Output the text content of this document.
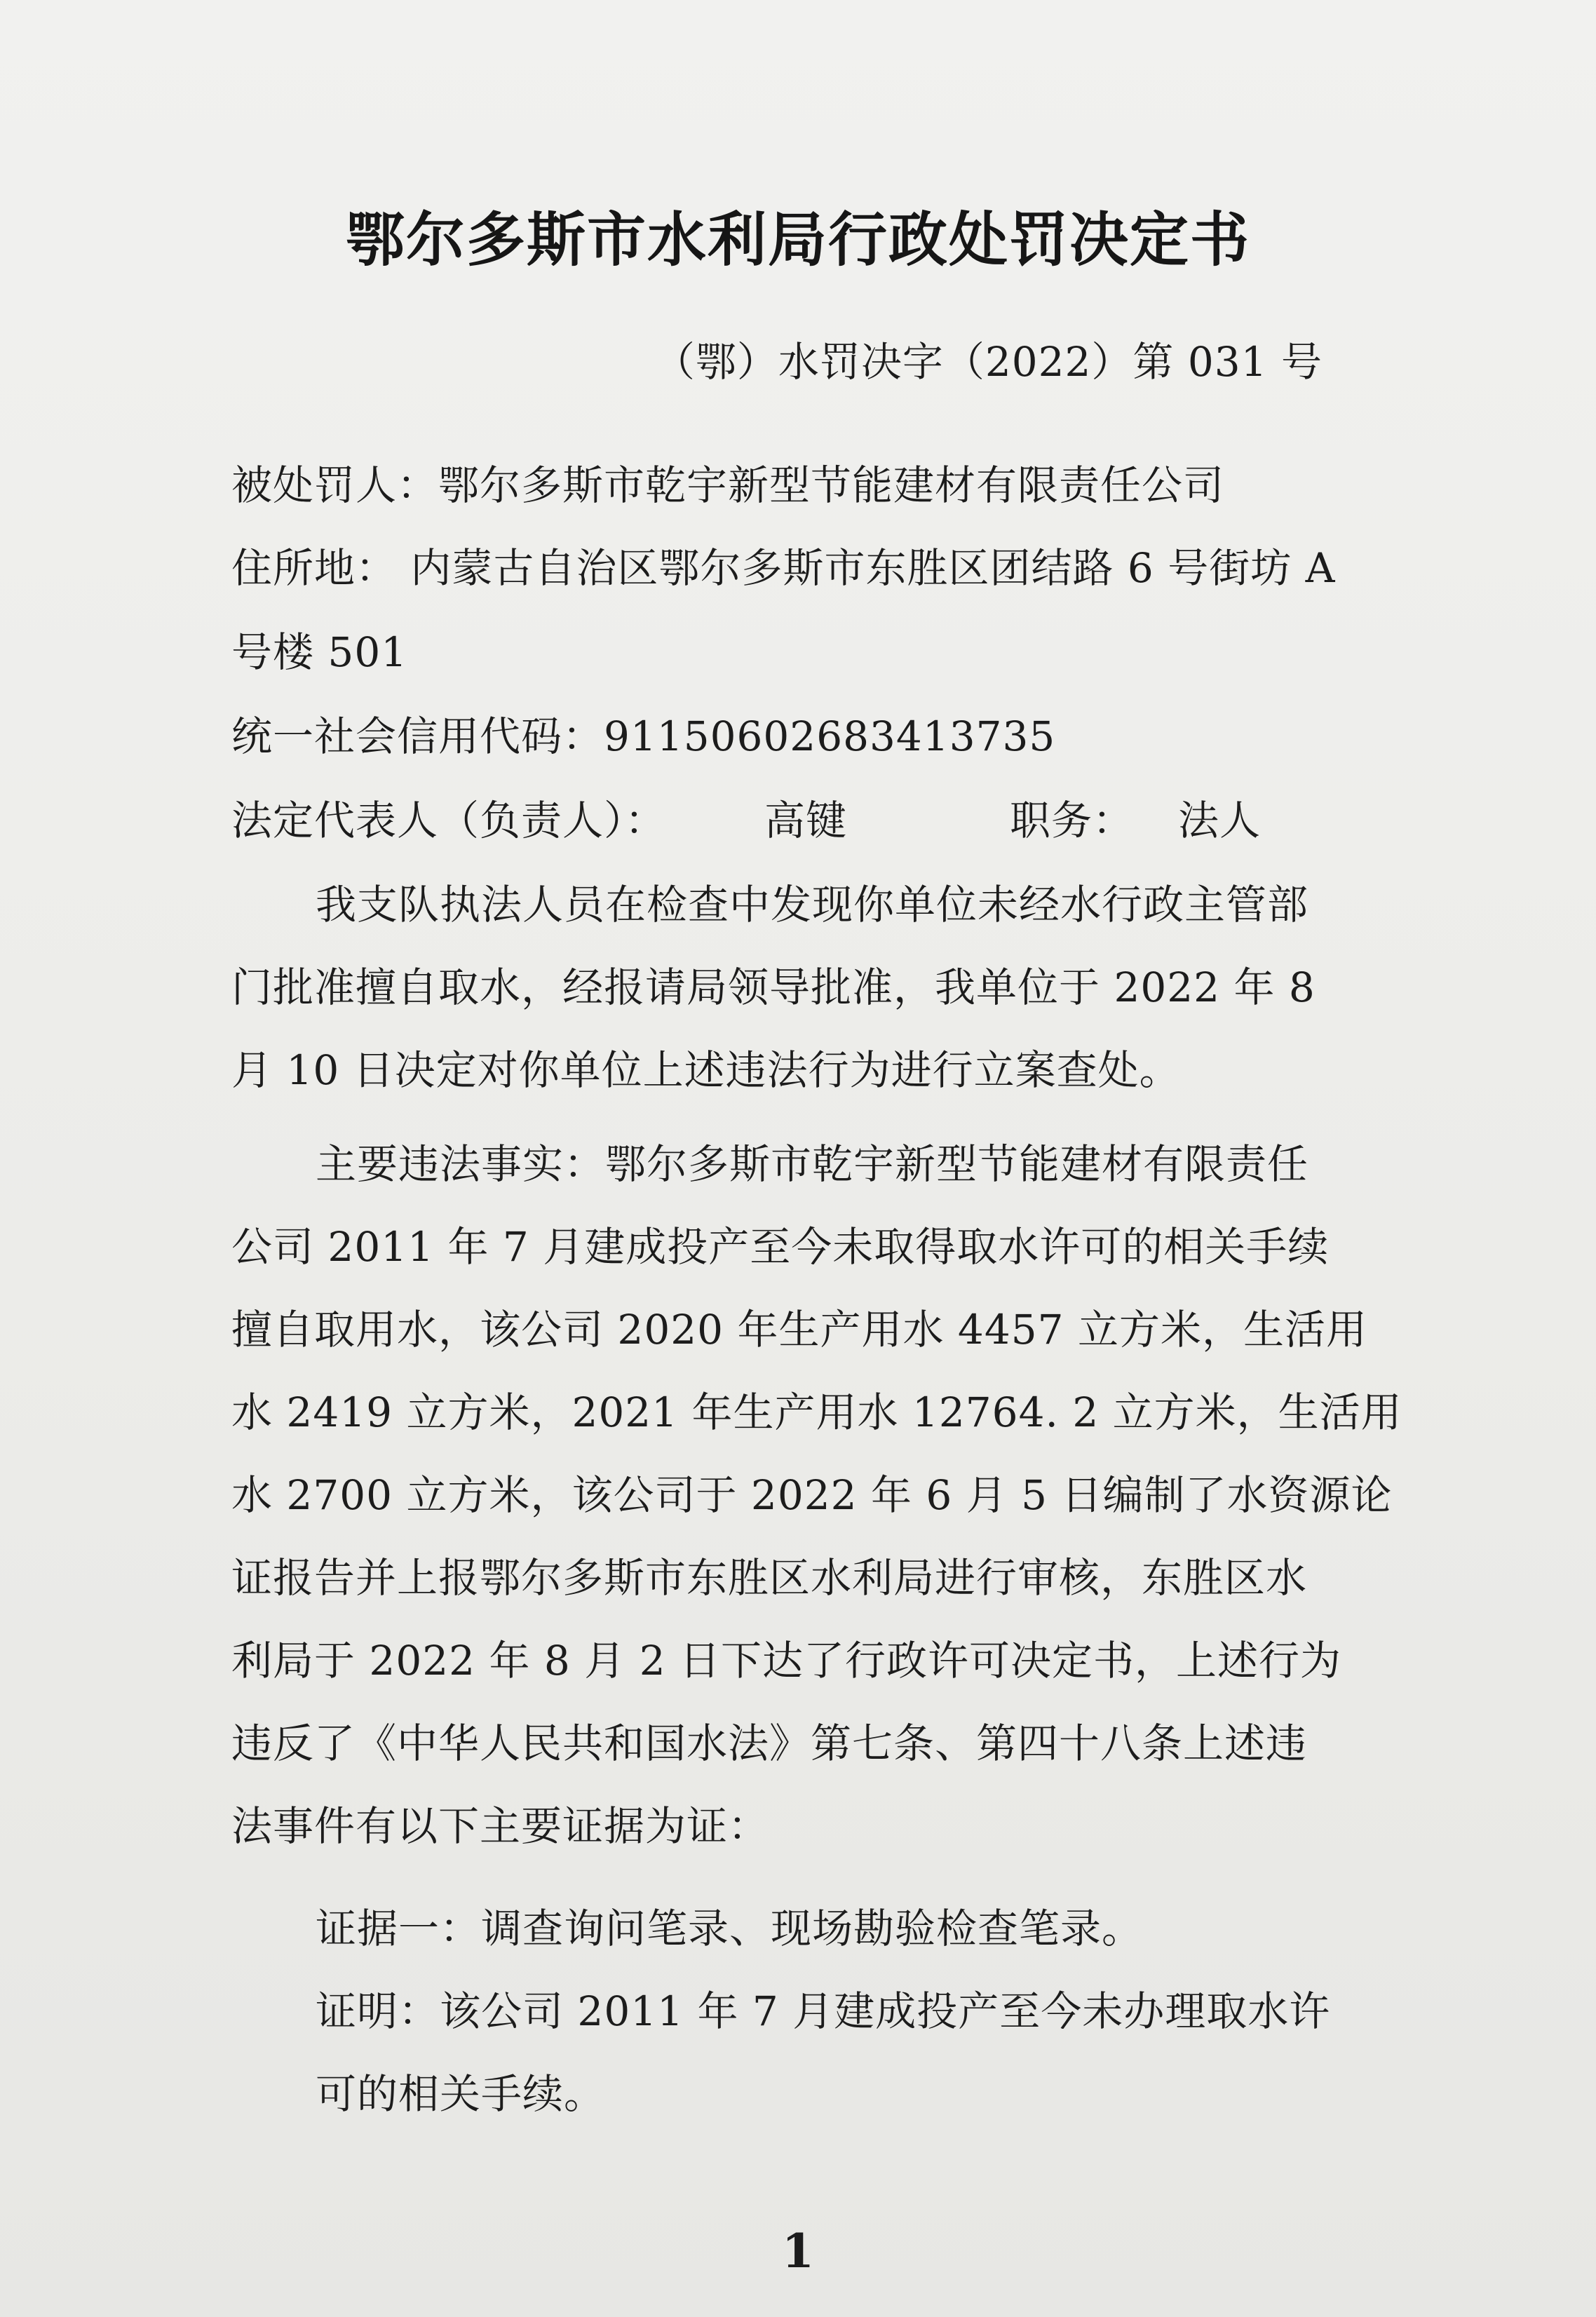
鄂尔多斯市水利局行政处罚决定书
（鄂）水罚决字（2022）第 031 号
被处罚人：鄂尔多斯市乾宇新型节能建材有限责任公司
住所地： 内蒙古自治区鄂尔多斯市东胜区团结路 6 号街坊 A
号楼 501
统一社会信用代码：91150602683413735
法定代表人（负责人）： 高键	职务： 法人
我支队执法人员在检查中发现你单位未经水行政主管部
门批准擅自取水，经报请局领导批准，我单位于 2022 年 8
月 10 日决定对你单位上述违法行为进行立案查处。
主要违法事实：鄂尔多斯市乾宇新型节能建材有限责任
公司 2011 年 7 月建成投产至今未取得取水许可的相关手续
擅自取用水，该公司 2020 年生产用水 4457 立方米，生活用
水 2419 立方米，2021 年生产用水 12764. 2 立方米，生活用
水 2700 立方米，该公司于 2022 年 6 月 5 日编制了水资源论
证报告并上报鄂尔多斯市东胜区水利局进行审核，东胜区水
利局于 2022 年 8 月 2 日下达了行政许可决定书，上述行为
违反了《中华人民共和国水法》第七条、第四十八条上述违
法事件有以下主要证据为证：
证据一：调查询问笔录、现场勘验检查笔录。
证明：该公司 2011 年 7 月建成投产至今未办理取水许
可的相关手续。
1
